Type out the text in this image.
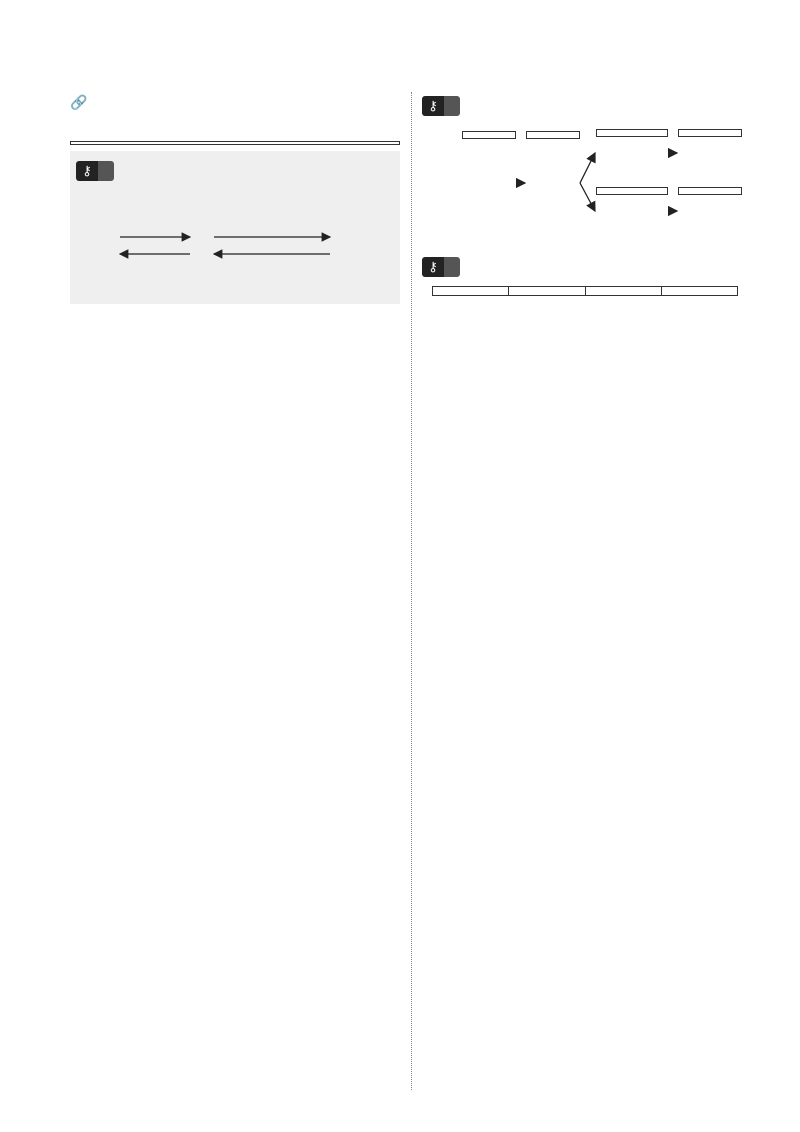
🔗

⚷
⚷
⚷
